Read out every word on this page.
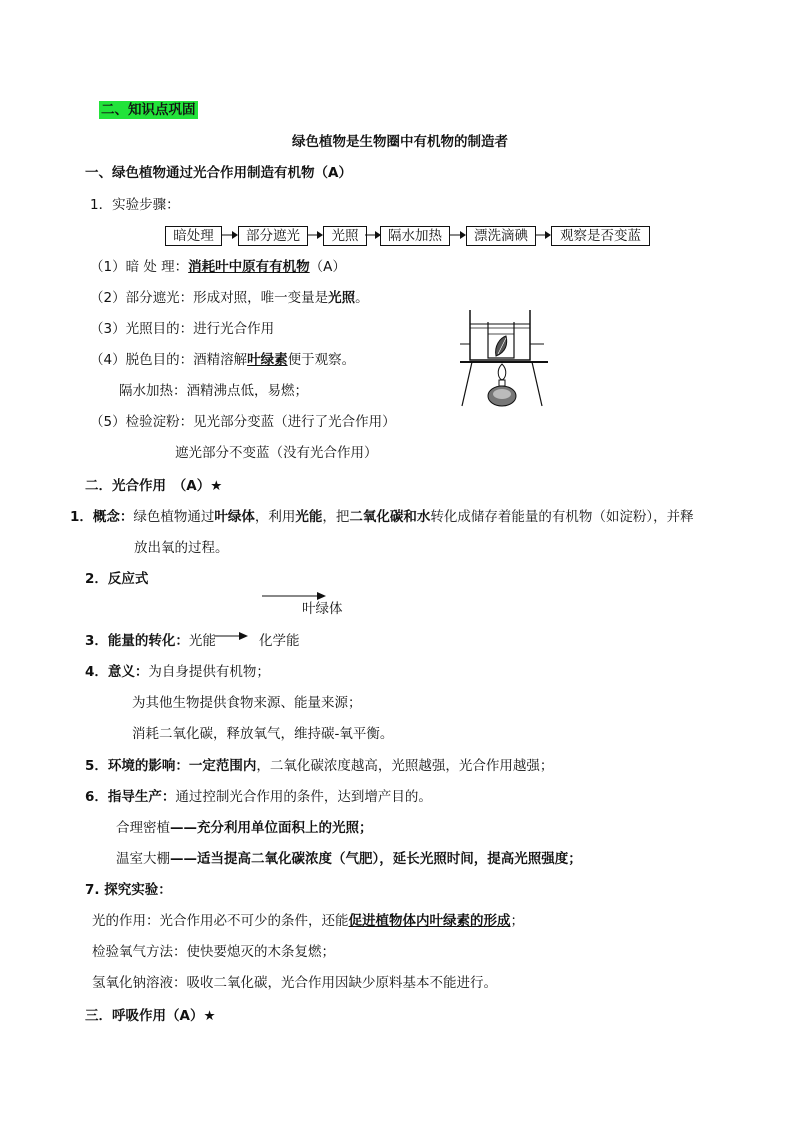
二、知识点巩固
绿色植物是生物圈中有机物的制造者
一、绿色植物通过光合作用制造有机物（A）
1．实验步骤：
暗处理	部分遮光	光照	隔水加热	漂洗滴碘	观察是否变蓝
（1）暗 处 理：消耗叶中原有有机物（A）
（2）部分遮光：形成对照，唯一变量是光照。
（3）光照目的：进行光合作用
（4）脱色目的：酒精溶解叶绿素便于观察。
隔水加热：酒精沸点低，易燃；
（5）检验淀粉：见光部分变蓝（进行了光合作用）
遮光部分不变蓝（没有光合作用）
二．光合作用　（A）★
1．概念：绿色植物通过叶绿体，利用光能，把二氧化碳和水转化成储存着能量的有机物（如淀粉），并释
放出氧的过程。
2．反应式
叶绿体
3．能量的转化：光能	化学能
4．意义：为自身提供有机物；
为其他生物提供食物来源、能量来源；
消耗二氧化碳，释放氧气，维持碳-氧平衡。
5．环境的影响：一定范围内，二氧化碳浓度越高，光照越强，光合作用越强；
6．指导生产：通过控制光合作用的条件，达到增产目的。
合理密植——充分利用单位面积上的光照；
温室大棚——适当提高二氧化碳浓度（气肥），延长光照时间，提高光照强度；
7. 探究实验：
光的作用：光合作用必不可少的条件，还能促进植物体内叶绿素的形成；
检验氧气方法：使快要熄灭的木条复燃；
氢氧化钠溶液：吸收二氧化碳，光合作用因缺少原料基本不能进行。
三．呼吸作用（A）★
